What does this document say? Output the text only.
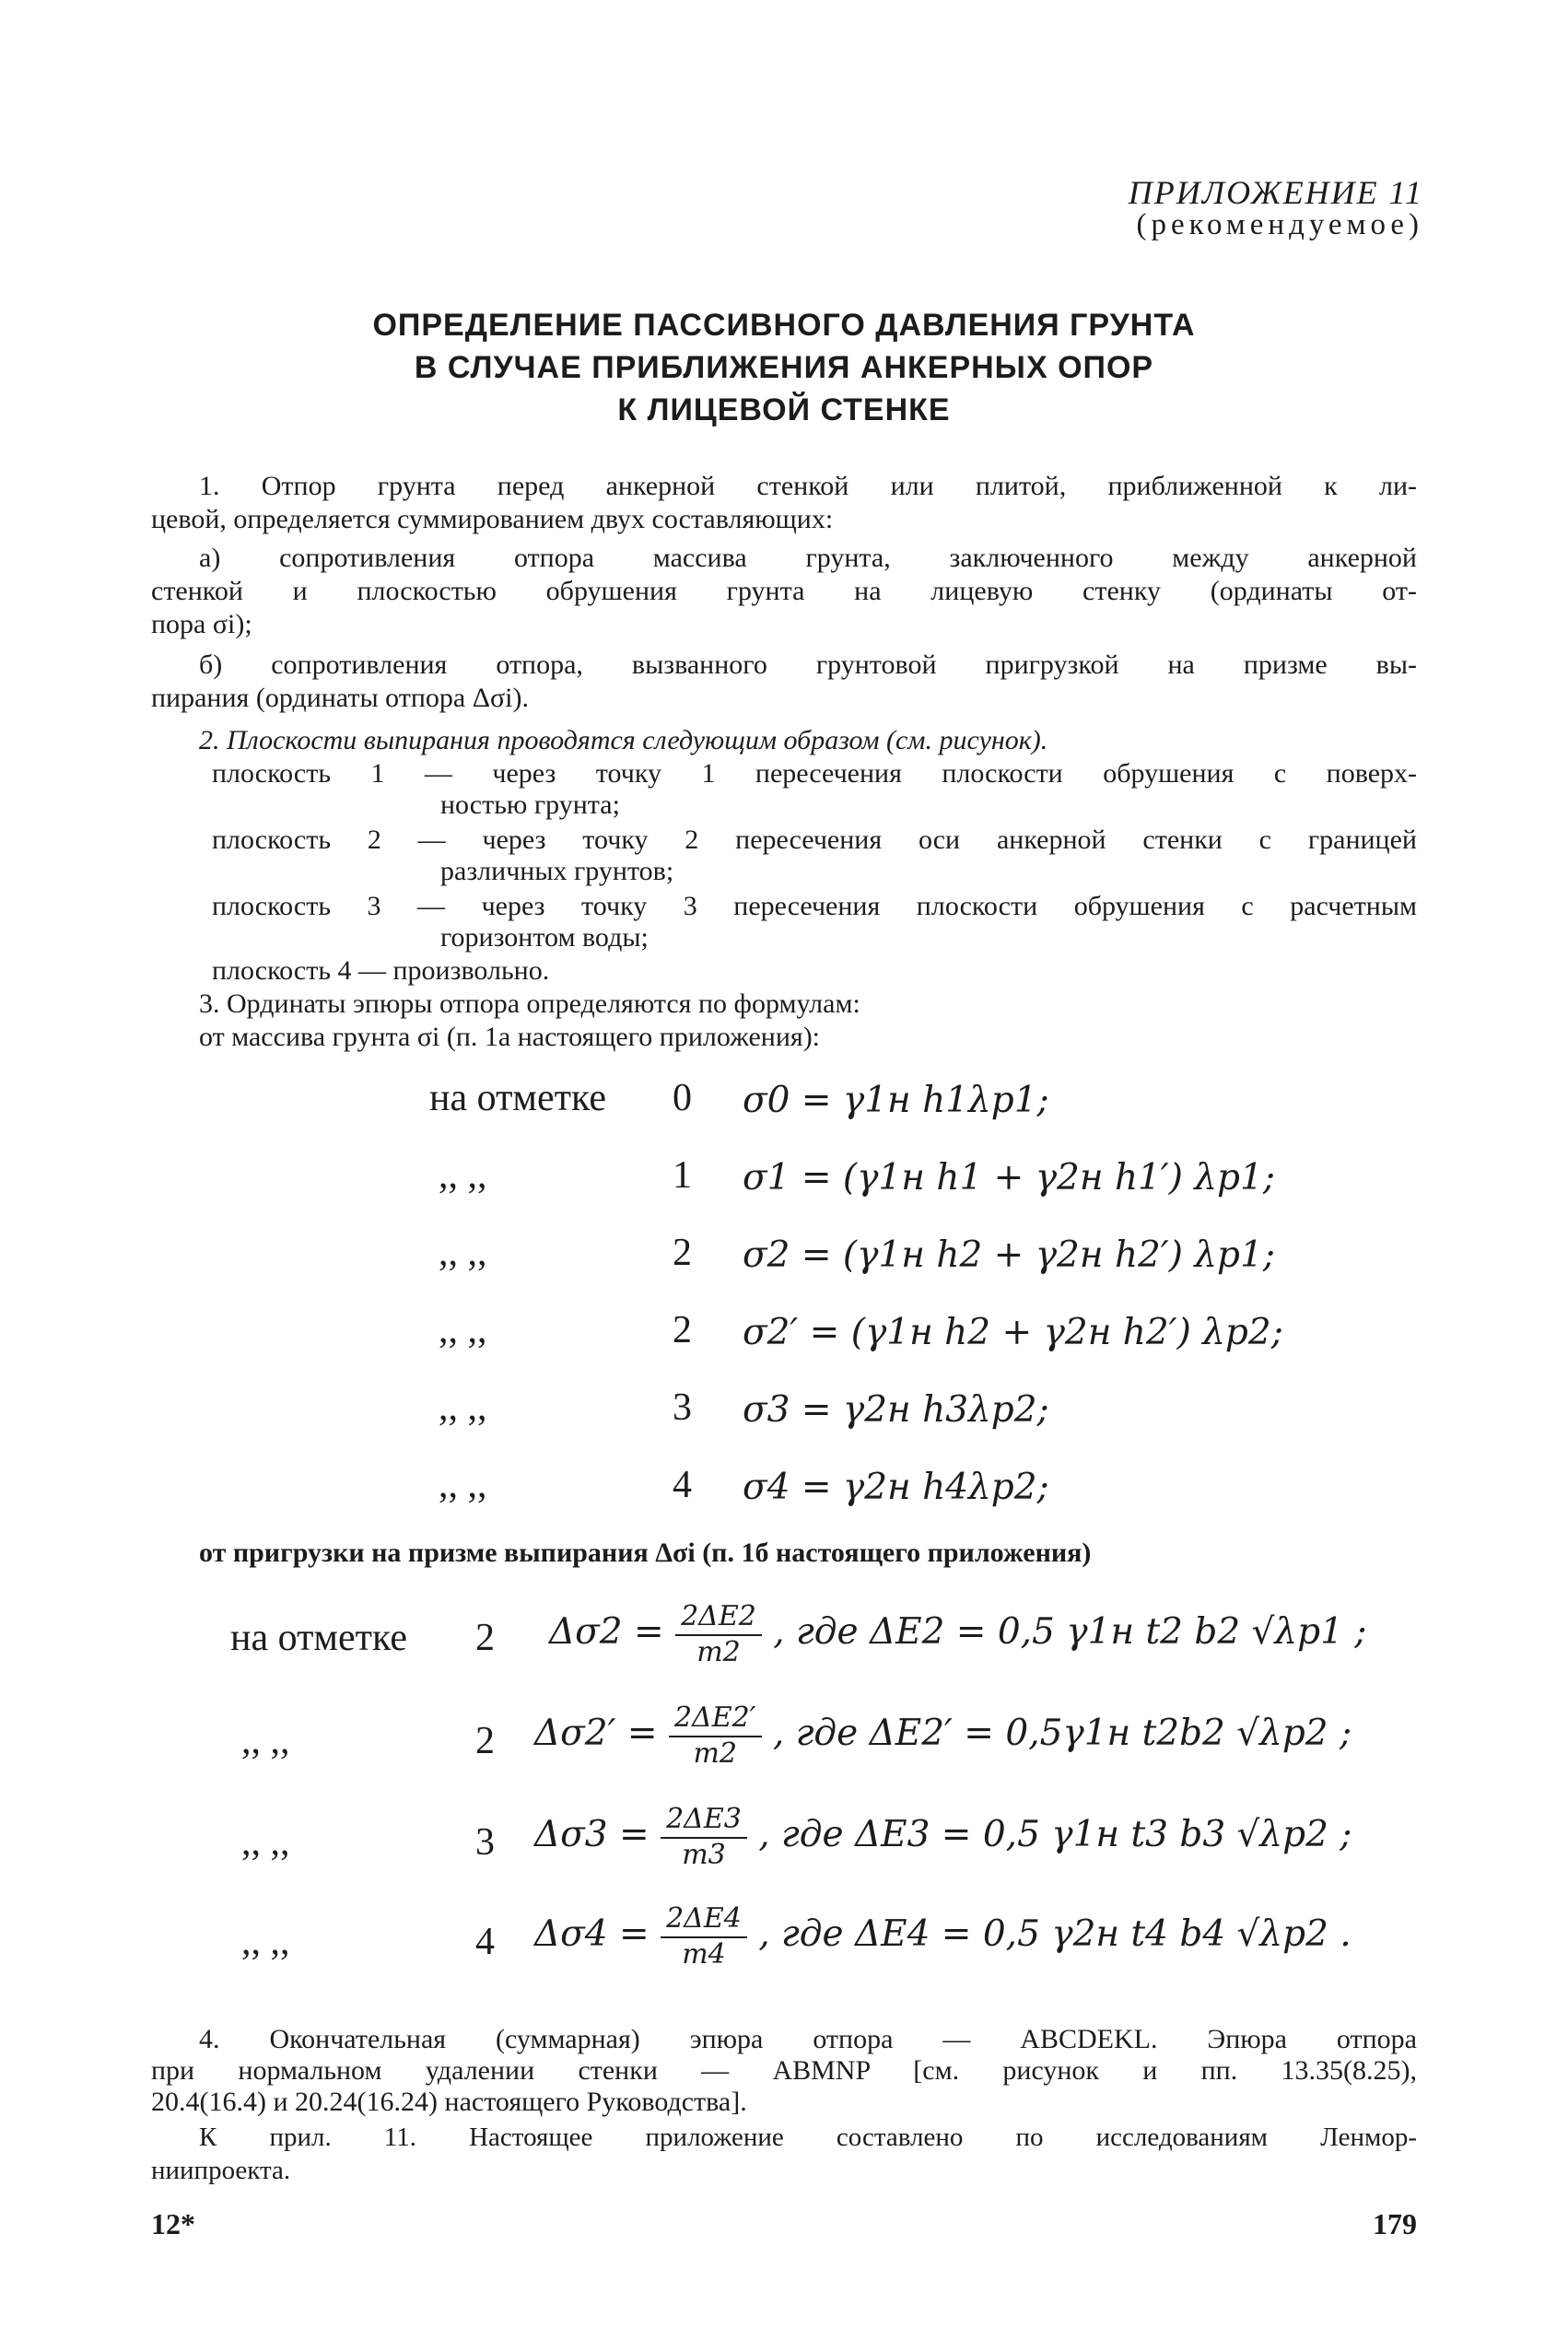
ПРИЛОЖЕНИЕ 11
(рекомендуемое)
ОПРЕДЕЛЕНИЕ ПАССИВНОГО ДАВЛЕНИЯ ГРУНТА
В СЛУЧАЕ ПРИБЛИЖЕНИЯ АНКЕРНЫХ ОПОР
К ЛИЦЕВОЙ СТЕНКЕ
1. Отпор грунта перед анкерной стенкой или плитой, приближенной к ли-
цевой, определяется суммированием двух составляющих:
а) сопротивления отпора массива грунта, заключенного между анкерной
стенкой и плоскостью обрушения грунта на лицевую стенку (ординаты от-
пора σi);
б) сопротивления отпора, вызванного грунтовой пригрузкой на призме вы-
пирания (ординаты отпора Δσi).
2. Плоскости выпирания проводятся следующим образом (см. рисунок).
плоскость 1 — через точку 1 пересечения плоскости обрушения с поверх-
ностью грунта;
плоскость 2 — через точку 2 пересечения оси анкерной стенки с границей
различных грунтов;
плоскость 3 — через точку 3 пересечения плоскости обрушения с расчетным
горизонтом воды;
плоскость 4 — произвольно.
3. Ординаты эпюры отпора определяются по формулам:
от массива грунта σi (п. 1а настоящего приложения):
на отметке 0 σ0 = γ1н h1λp1;
,, ,,	1 σ1 = (γ1н h1 + γ2н h1′) λp1;
,, ,,	2 σ2 = (γ1н h2 + γ2н h2′) λp1;
,, ,,	2 σ2′ = (γ1н h2 + γ2н h2′) λp2;
,, ,,	3 σ3 = γ2н h3λp2;
,, ,,	4 σ4 = γ2н h4λp2;
от пригрузки на призме выпирания Δσi (п. 1б настоящего приложения)
на отметке 2 $\Delta\sigma 2 = \frac{2\Delta E2}{m2}$ , где ΔE2 = 0,5 γ1н t2 b2 √λp1 ;
,, ,,	2 $\Delta\sigma 2' = \frac{2\Delta E2'}{m2}$ , где ΔE2′ = 0,5γ1н t2b2 √λp2 ;
,, ,,	3 $\Delta\sigma 3 = \frac{2\Delta E3}{m3}$ , где ΔE3 = 0,5 γ1н t3 b3 √λp2 ;
,, ,,	4 $\Delta\sigma 4 = \frac{2\Delta E4}{m4}$ , где ΔE4 = 0,5 γ2н t4 b4 √λp2 .
4. Окончательная (суммарная) эпюра отпора — ABCDEKL. Эпюра отпора
при нормальном удалении стенки — ABMNP [см. рисунок и пп. 13.35(8.25),
20.4(16.4) и 20.24(16.24) настоящего Руководства].
К прил. 11. Настоящее приложение составлено по исследованиям Ленмор-
ниипроекта.
12*	179
